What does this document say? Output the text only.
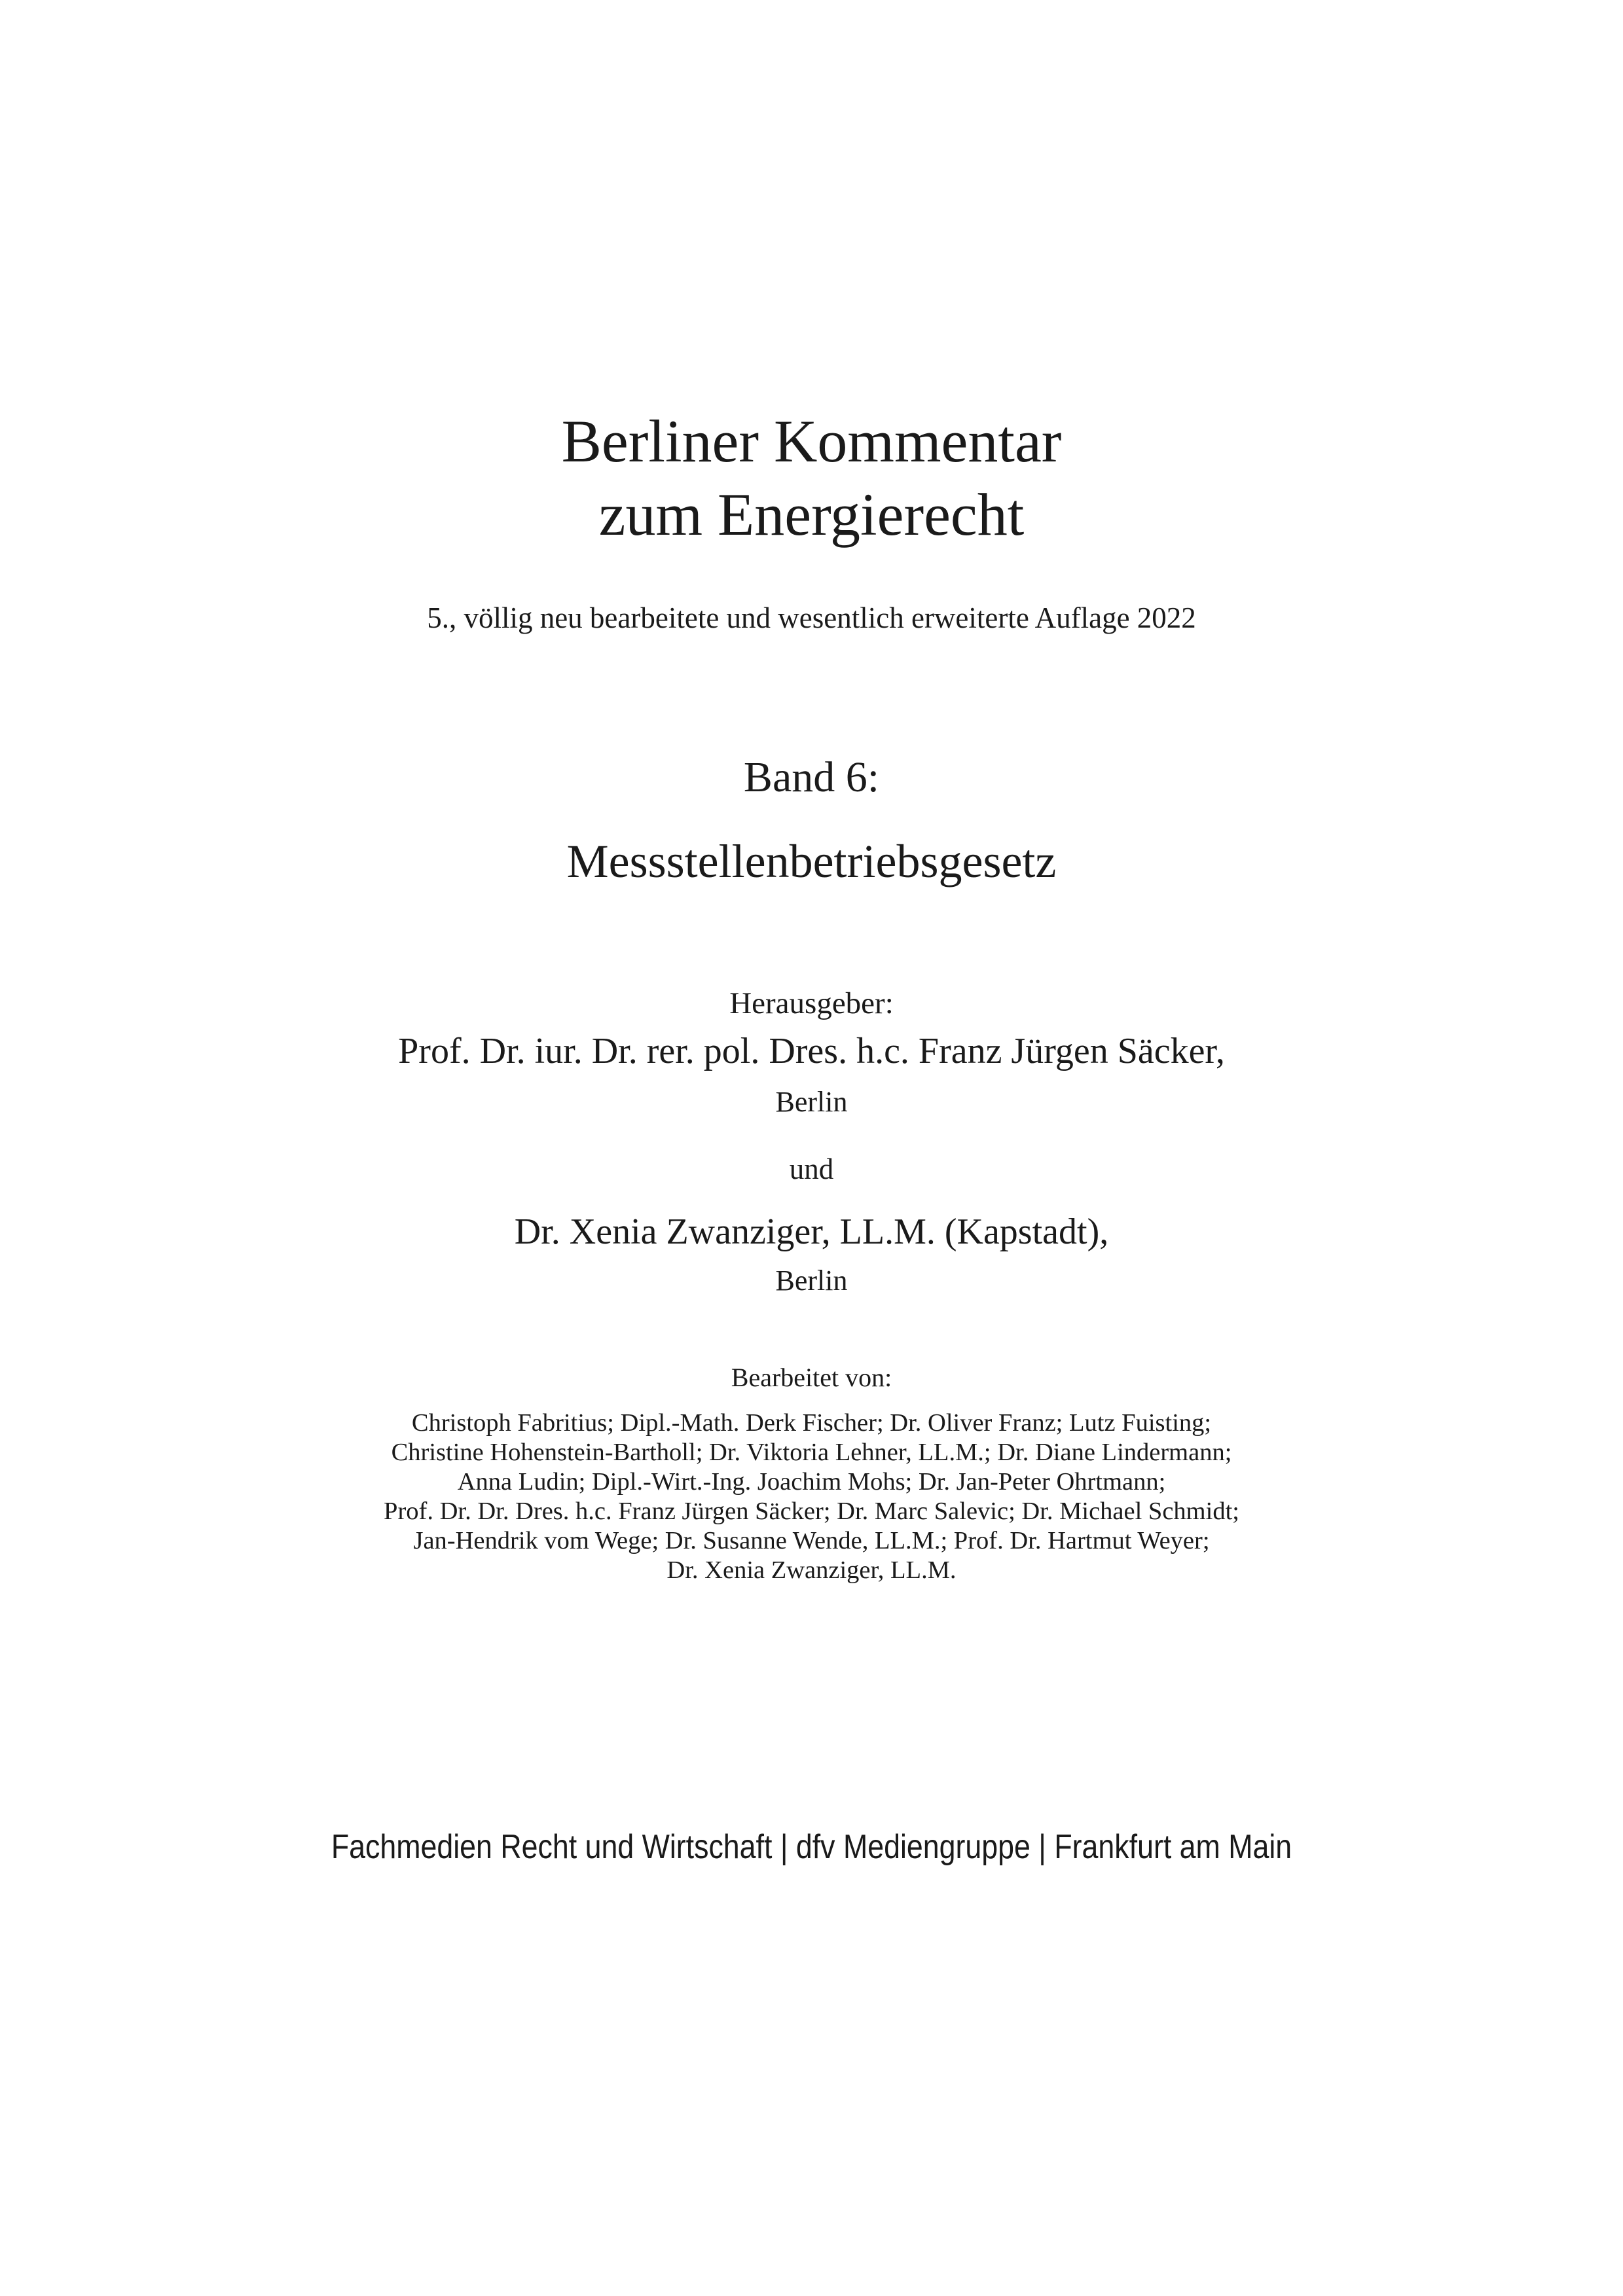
Berliner Kommentar
zum Energierecht

5., völlig neu bearbeitete und wesentlich erweiterte Auflage 2022

Band 6:

Messstellenbetriebsgesetz

Herausgeber:

Prof. Dr. iur. Dr. rer. pol. Dres. h.c. Franz Jürgen Säcker,

Berlin

und

Dr. Xenia Zwanziger, LL.M. (Kapstadt),

Berlin

Bearbeitet von:

Christoph Fabritius; Dipl.-Math. Derk Fischer; Dr. Oliver Franz; Lutz Fuisting;
Christine Hohenstein-Bartholl; Dr. Viktoria Lehner, LL.M.; Dr. Diane Lindermann;
Anna Ludin; Dipl.-Wirt.-Ing. Joachim Mohs; Dr. Jan-Peter Ohrtmann;
Prof. Dr. Dr. Dres. h.c. Franz Jürgen Säcker; Dr. Marc Salevic; Dr. Michael Schmidt;
Jan-Hendrik vom Wege; Dr. Susanne Wende, LL.M.; Prof. Dr. Hartmut Weyer;
Dr. Xenia Zwanziger, LL.M.

Fachmedien Recht und Wirtschaft | dfv Mediengruppe | Frankfurt am Main
